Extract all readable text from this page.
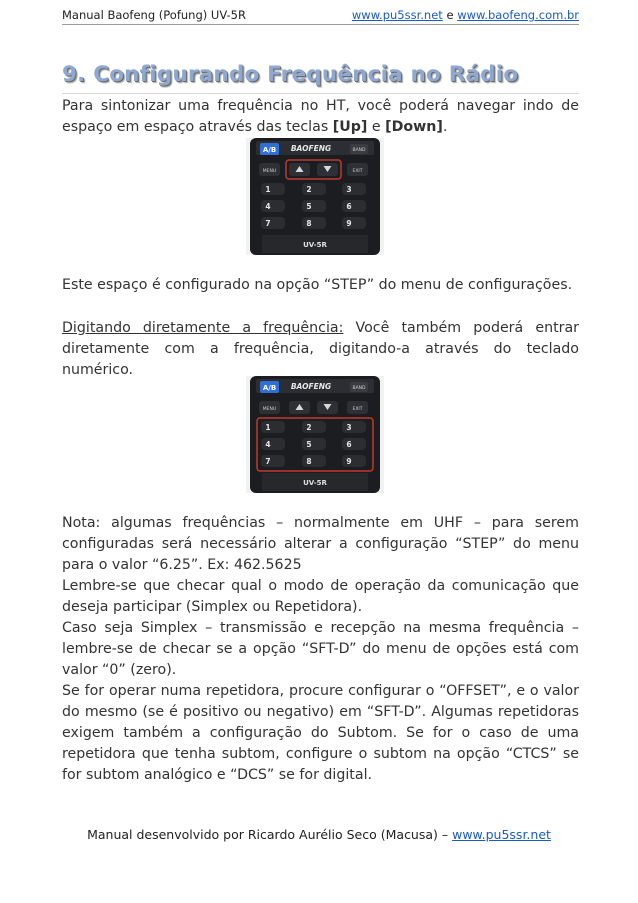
Manual Baofeng (Pofung) UV-5R	www.pu5ssr.net e www.baofeng.com.br
9. Configurando Frequência no Rádio

Para sintonizar uma frequência no HT, você poderá navegar indo de espaço em espaço através das teclas [Up] e [Down].

A/B BAOFENG	BAND
MENU	EXIT
1	2	3
4	5	6
7	8	9
UV-5R

Este espaço é configurado na opção “STEP” do menu de configurações.

Digitando diretamente a frequência: Você também poderá entrar diretamente com a frequência, digitando-a através do teclado numérico.

A/B BAOFENG	BAND
MENU	EXIT
1	2	3
4	5	6
7	8	9
UV-5R

Nota: algumas frequências – normalmente em UHF – para serem configuradas será necessário alterar a configuração “STEP” do menu para o valor “6.25”. Ex: 462.5625

Lembre-se que checar qual o modo de operação da comunicação que deseja participar (Simplex ou Repetidora).

Caso seja Simplex – transmissão e recepção na mesma frequência – lembre-se de checar se a opção “SFT-D” do menu de opções está com valor “0” (zero).

Se for operar numa repetidora, procure configurar o “OFFSET”, e o valor do mesmo (se é positivo ou negativo) em “SFT-D”. Algumas repetidoras exigem também a configuração do Subtom. Se for o caso de uma repetidora que tenha subtom, configure o subtom na opção “CTCS” se for subtom analógico e “DCS” se for digital.

Manual desenvolvido por Ricardo Aurélio Seco (Macusa) – www.pu5ssr.net
